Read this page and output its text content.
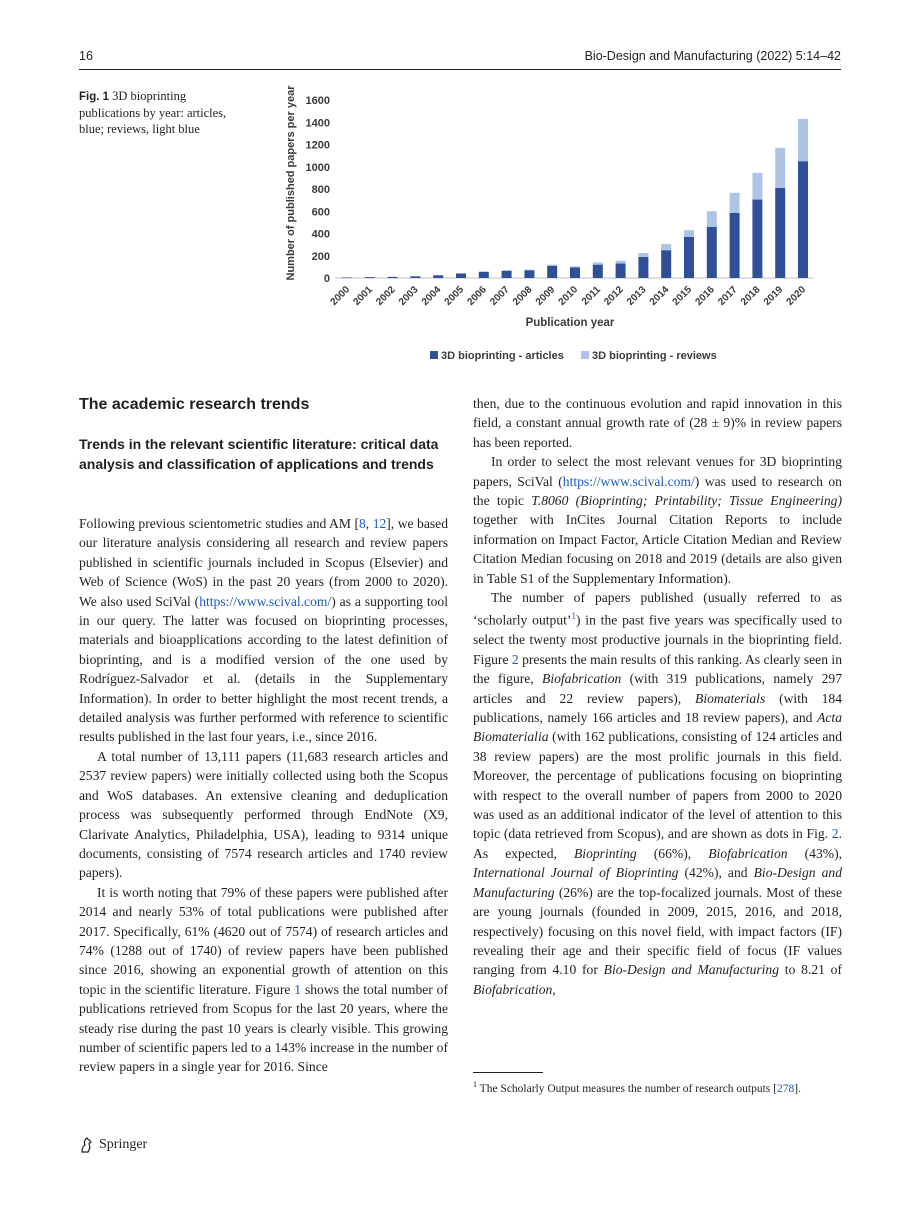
16	Bio-Design and Manufacturing (2022) 5:14–42
Fig. 1 3D bioprinting publications by year: articles, blue; reviews, light blue	Number of published papers per year 0
200
400
600
800
1000
1200
1400
1600
2000 2001 2002 2003 2004 2005 2006 2007 2008 2009 2010 2011 2012 2013 2014 2015 2016 2017 2018 2019 2020
Publication year
3D bioprinting - articles	3D bioprinting - reviews
The academic research trends
Trends in the relevant scientific literature: critical data analysis and classification of applications and trends

Following previous scientometric studies and AM [8, 12], we based our literature analysis considering all research and review papers published in scientific journals included in Scopus (Elsevier) and Web of Science (WoS) in the past 20 years (from 2000 to 2020). We also used SciVal (https://www.scival.com/) as a supporting tool in our query. The latter was focused on bioprinting processes, materials and bioapplications according to the latest definition of bioprinting, and is a modified version of the one used by Rodríguez-Salvador et al. (details in the Supplementary Information). In order to better highlight the most recent trends, a detailed analysis was further performed with reference to scientific results published in the last four years, i.e., since 2016.

A total number of 13,111 papers (11,683 research articles and 2537 review papers) were initially collected using both the Scopus and WoS databases. An extensive cleaning and deduplication process was subsequently performed through EndNote (X9, Clarivate Analytics, Philadelphia, USA), leading to 9314 unique documents, consisting of 7574 research articles and 1740 review papers).

It is worth noting that 79% of these papers were published after 2014 and nearly 53% of total publications were published after 2017. Specifically, 61% (4620 out of 7574) of research articles and 74% (1288 out of 1740) of review papers have been published since 2016, showing an exponential growth of attention on this topic in the scientific literature. Figure 1 shows the total number of publications retrieved from Scopus for the last 20 years, where the steady rise during the past 10 years is clearly visible. This growing number of scientific papers led to a 143% increase in the number of review papers in a single year for 2016. Since

then, due to the continuous evolution and rapid innovation in this field, a constant annual growth rate of (28 ± 9)% in review papers has been reported.

In order to select the most relevant venues for 3D bioprinting papers, SciVal (https://www.scival.com/) was used to research on the topic T.8060 (Bioprinting; Printability; Tissue Engineering) together with InCites Journal Citation Reports to include information on Impact Factor, Article Citation Median and Review Citation Median focusing on 2018 and 2019 (details are also given in Table S1 of the Supplementary Information).

The number of papers published (usually referred to as ‘scholarly output’$^1$) in the past five years was specifically used to select the twenty most productive journals in the bioprinting field. Figure 2 presents the main results of this ranking. As clearly seen in the figure, Biofabrication (with 319 publications, namely 297 articles and 22 review papers), Biomaterials (with 184 publications, namely 166 articles and 18 review papers), and Acta Biomaterialia (with 162 publications, consisting of 124 articles and 38 review papers) are the most prolific journals in this field. Moreover, the percentage of publications focusing on bioprinting with respect to the overall number of papers from 2000 to 2020 was used as an additional indicator of the level of attention to this topic (data retrieved from Scopus), and are shown as dots in Fig. 2. As expected, Bioprinting (66%), Biofabrication (43%), International Journal of Bioprinting (42%), and Bio-Design and Manufacturing (26%) are the top-focalized journals. Most of these are young journals (founded in 2009, 2015, 2016, and 2018, respectively) focusing on this novel field, with impact factors (IF) revealing their age and their specific field of focus (IF values ranging from 4.10 for Bio-Design and Manufacturing to 8.21 of Biofabrication,

$^1$ The Scholarly Output measures the number of research outputs [278].
Springer
